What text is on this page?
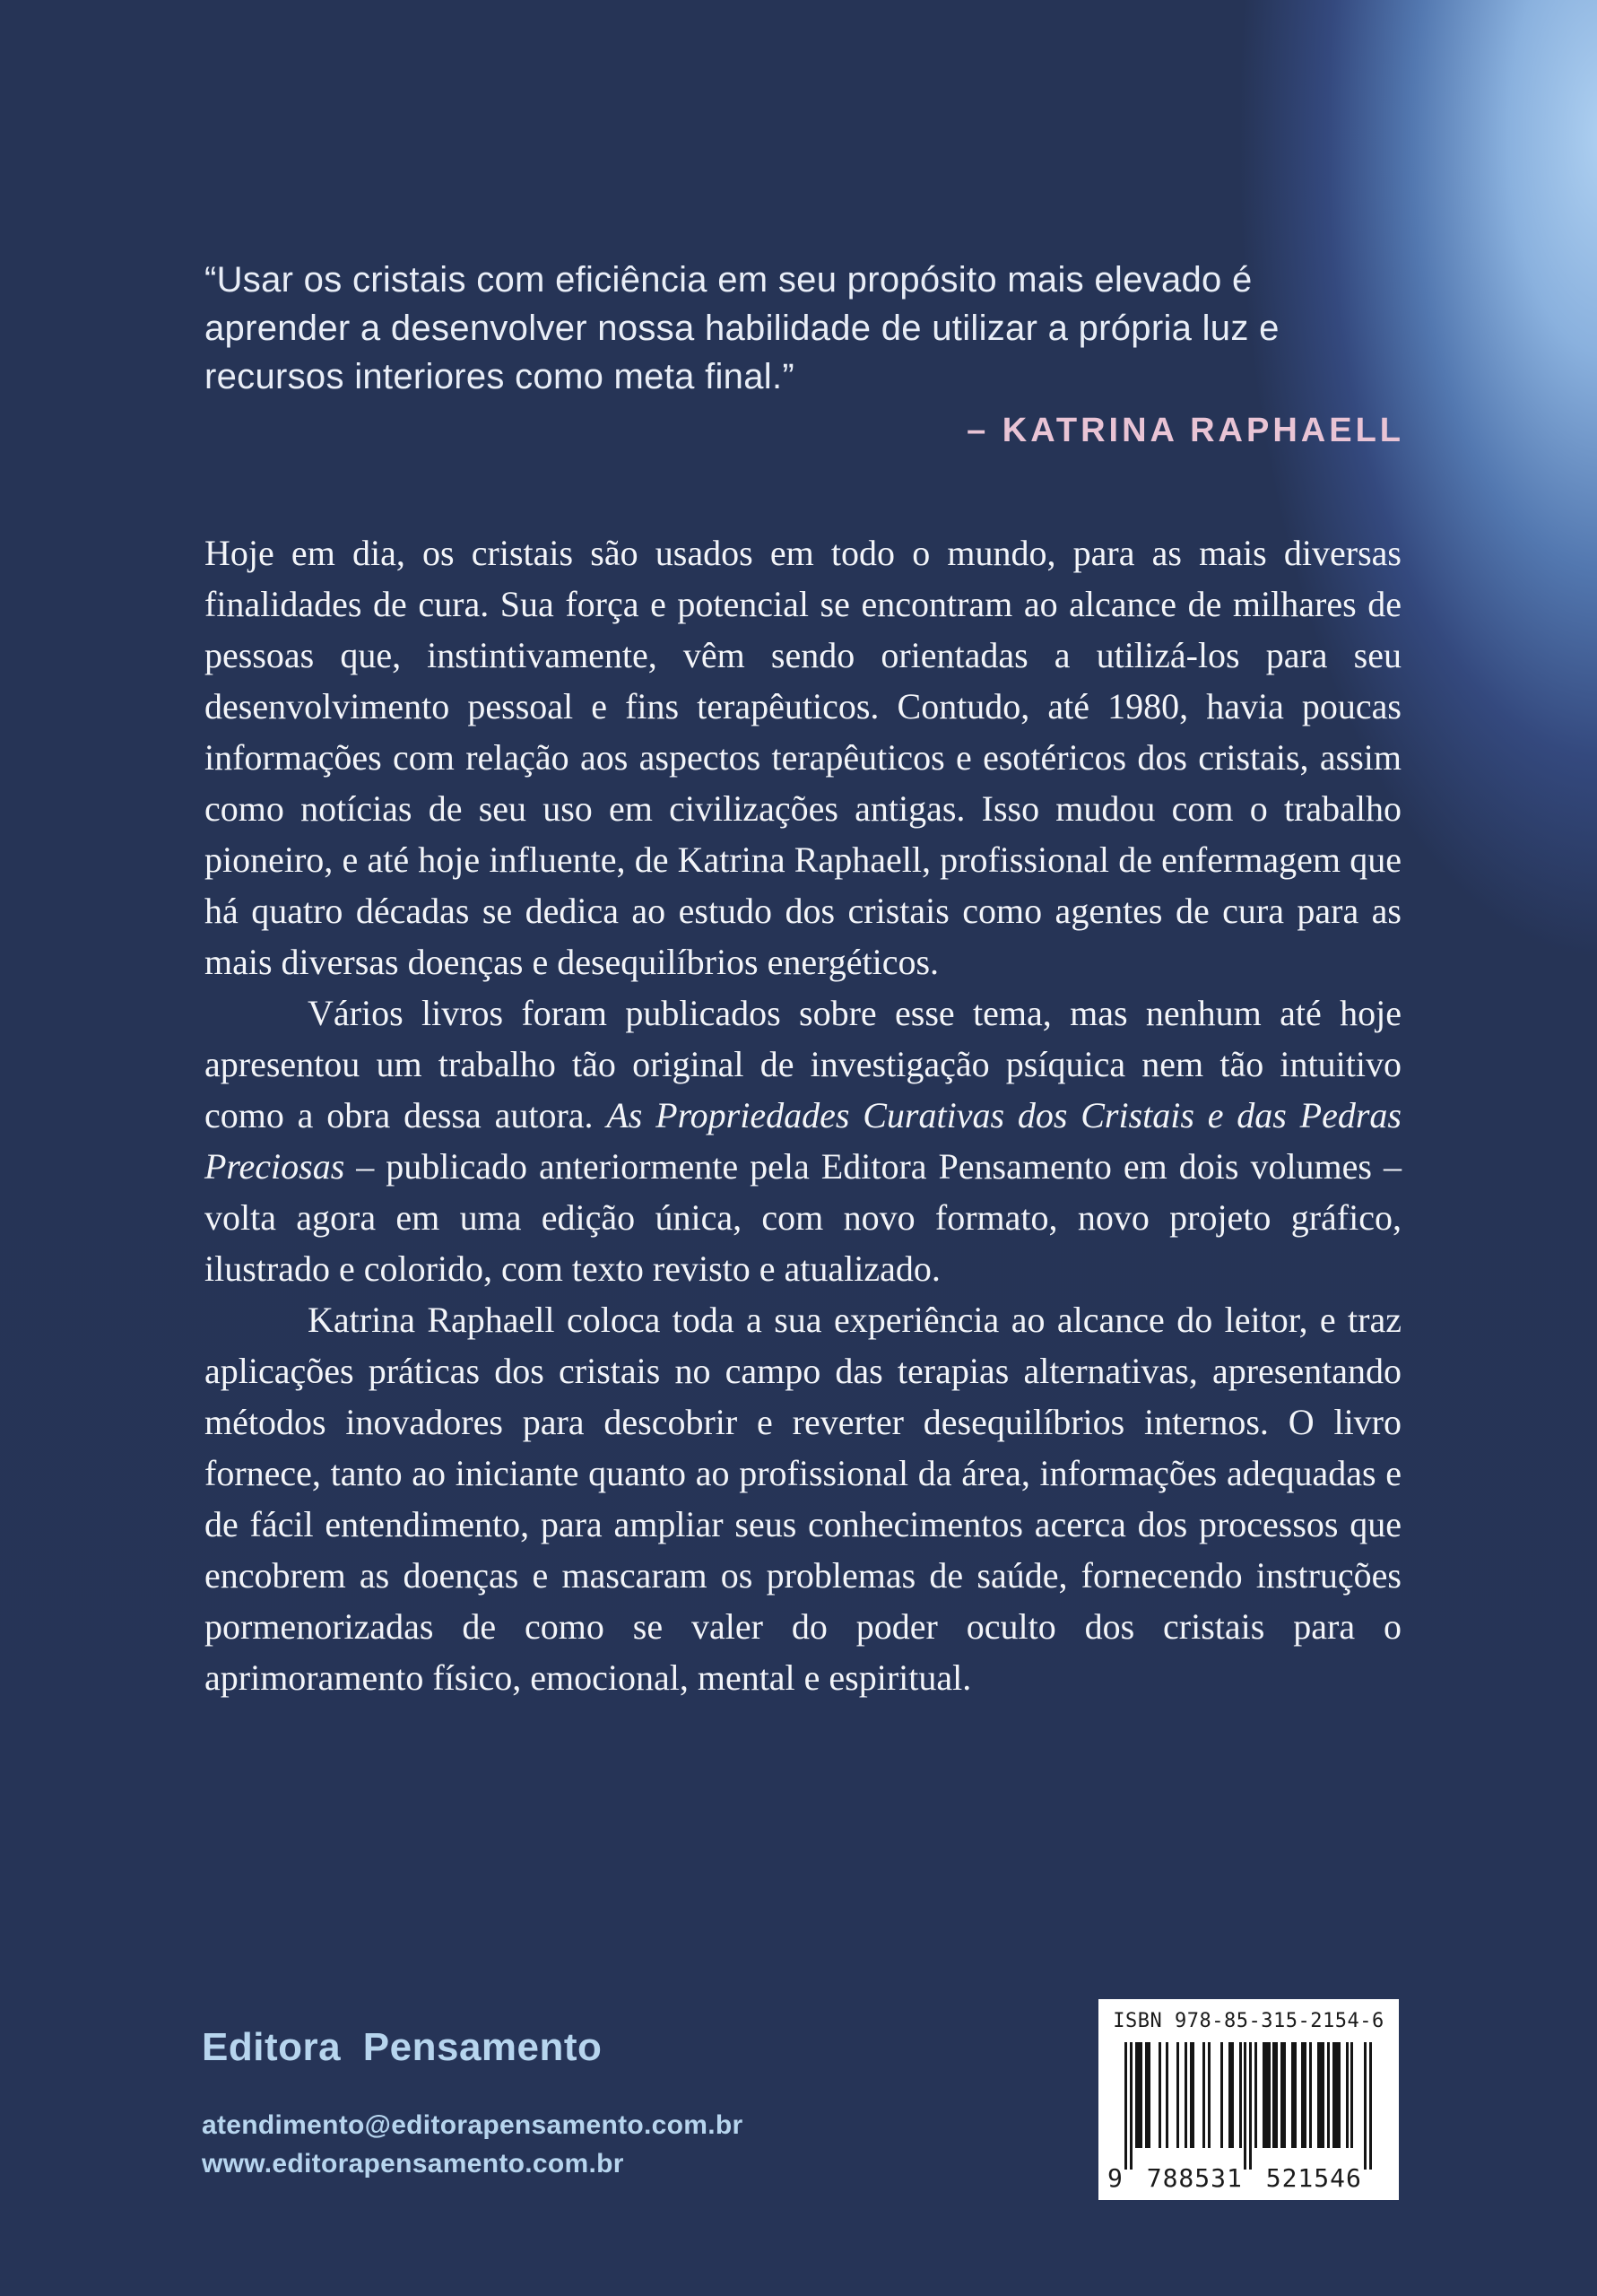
“Usar os cristais com eficiência em seu propósito mais elevado é aprender a desenvolver nossa habilidade de utilizar a própria luz e recursos interiores como meta final.”
– KATRINA RAPHAELL

Hoje em dia, os cristais são usados em todo o mundo, para as mais diversas finalidades de cura. Sua força e potencial se encontram ao alcance de milhares de pessoas que, instintivamente, vêm sendo orientadas a utilizá-los para seu desenvolvimento pessoal e fins terapêuticos. Contudo, até 1980, havia poucas informações com relação aos aspectos terapêuticos e esotéricos dos cristais, assim como notícias de seu uso em civilizações antigas. Isso mudou com o trabalho pioneiro, e até hoje influente, de Katrina Raphaell, profissional de enfermagem que há quatro décadas se dedica ao estudo dos cristais como agentes de cura para as mais diversas doenças e desequilíbrios energéticos.

Vários livros foram publicados sobre esse tema, mas nenhum até hoje apresentou um trabalho tão original de investigação psíquica nem tão intuitivo como a obra dessa autora. As Propriedades Curativas dos Cristais e das Pedras Preciosas – publicado anteriormente pela Editora Pensamento em dois volumes – volta agora em uma edição única, com novo formato, novo projeto gráfico, ilustrado e colorido, com texto revisto e atualizado.

Katrina Raphaell coloca toda a sua experiência ao alcance do leitor, e traz aplicações práticas dos cristais no campo das terapias alternativas, apresentando métodos inovadores para descobrir e reverter desequilíbrios internos. O livro fornece, tanto ao iniciante quanto ao profissional da área, informações adequadas e de fácil entendimento, para ampliar seus conhecimentos acerca dos processos que encobrem as doenças e mascaram os problemas de saúde, fornecendo instruções pormenorizadas de como se valer do poder oculto dos cristais para o aprimoramento físico, emocional, mental e espiritual.

Editora Pensamento
atendimento@editorapensamento.com.br
www.editorapensamento.com.br
ISBN 978-85-315-2154-6
9 788531 521546
